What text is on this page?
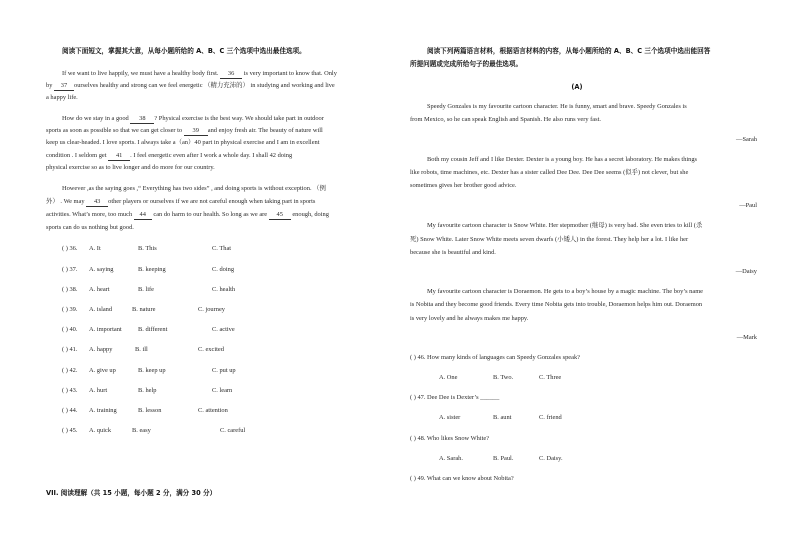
阅读下面短文，掌握其大意，从每小题所给的 A、B、C 三个选项中选出最佳选项。

If we want to live happily, we must have a healthy body first. 36 is very important to know that. Only

by 37 ourselves healthy and strong can we feel energetic （精力充沛的） in studying and working and live

a happy life.

How do we stay in a good 38 ? Physical exercise is the best way. We should take part in outdoor

sports as soon as possible so that we can get closer to 39 and enjoy fresh air. The beauty of nature will

keep us clear-headed. I love sports. I always take a（an）40 part in physical exercise and I am in excellent

condition . I seldom get 41 . I feel energetic even after I work a whole day. I shall 42 doing

physical exercise so as to live longer and do more for our country.

However ,as the saying goes ,“ Everything has two sides” , and doing sports is without exception. （例

外） . We may 43 other players or ourselves if we are not careful enough when taking part in sports

activities. What’s more, too much 44 can do harm to our health. So long as we are 45 enough, doing

sports can do us nothing but good.

( ) 36. A. It	B. This	C. That
( ) 37. A. saying	B. keeping	C. doing
( ) 38. A. heart	B. life	C. health
( ) 39. A. island	B. nature	C. journey
( ) 40. A. important	B. different	C. active
( ) 41. A. happy	B. ill	C. excited
( ) 42. A. give up	B. keep up	C. put up
( ) 43. A. hurt	B. help	C. learn
( ) 44. A. training	B. lesson	C. attention
( ) 45. A. quick	B. easy	C. careful

VII. 阅读理解（共 15 小题，每小题 2 分，满分 30 分）

阅读下列两篇语言材料，根据语言材料的内容，从每小题所给的 A、B、C 三个选项中选出能回答

所提问题或完成所给句子的最佳选项。

(A)

Speedy Gonzales is my favourite cartoon character. He is funny, smart and brave. Speedy Gonzales is

from Mexico, so he can speak English and Spanish. He also runs very fast.

—Sarah

Both my cousin Jeff and I like Dexter. Dexter is a young boy. He has a secret laboratory. He makes things

like robots, time machines, etc. Dexter has a sister called Dee Dee. Dee Dee seems (似乎) not clever, but she

sometimes gives her brother good advice.

—Paul

My favourite cartoon character is Snow White. Her stepmother (继母) is very bad. She even tries to kill (杀

死) Snow White. Later Snow White meets seven dwarfs (小矮人) in the forest. They help her a lot. I like her

because she is beautiful and kind.

—Daisy

My favourite cartoon character is Doraemon. He gets to a boy’s house by a magic machine. The boy’s name

is Nobita and they become good friends. Every time Nobita gets into trouble, Doraemon helps him out. Doraemon

is very lovely and he always makes me happy.

—Mark

( ) 46. How many kinds of languages can Speedy Gonzales speak?

A. One	B. Two.	C. Three

( ) 47. Dee Dee is Dexter’s ______

A. sister	B. aunt	C. friend

( ) 48. Who likes Snow White?

A. Sarah.	B. Paul.	C. Daisy.

( ) 49. What can we know about Nobita?
